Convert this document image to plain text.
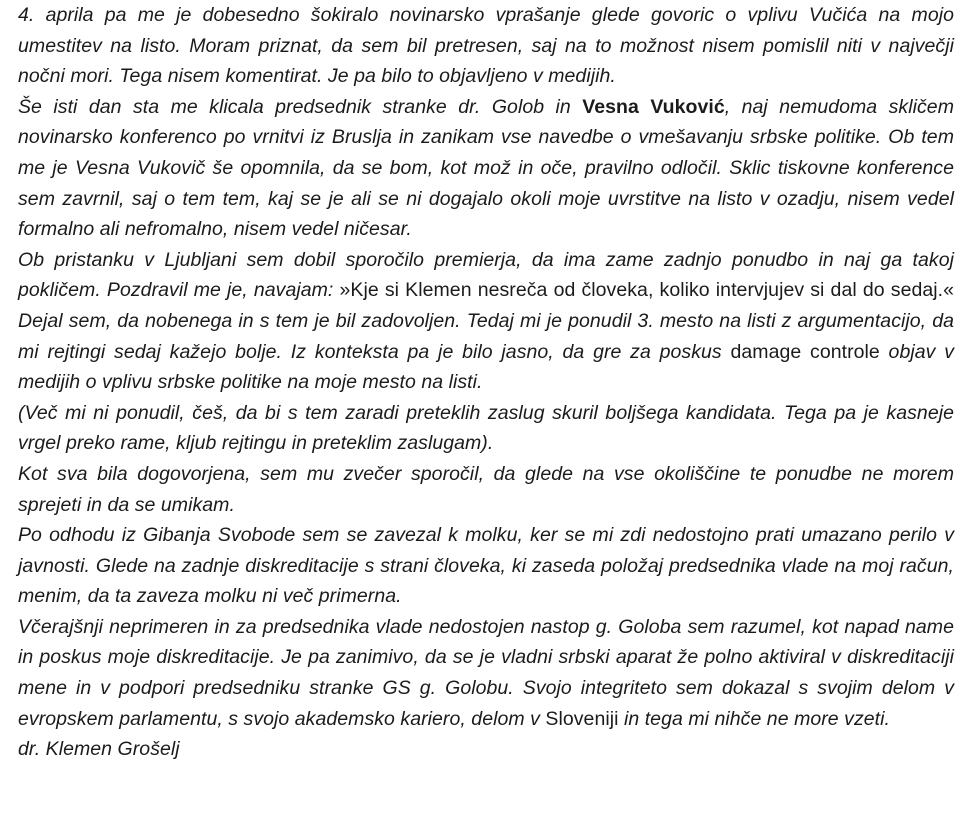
4. aprila pa me je dobesedno šokiralo novinarsko vprašanje glede govoric o vplivu Vučića na mojo umestitev na listo. Moram priznat, da sem bil pretresen, saj na to možnost nisem pomislil niti v največji nočni mori. Tega nisem komentirat. Je pa bilo to objavljeno v medijih.

Še isti dan sta me klicala predsednik stranke dr. Golob in Vesna Vuković, naj nemudoma skličem novinarsko konferenco po vrnitvi iz Bruslja in zanikam vse navedbe o vmešavanju srbske politike. Ob tem me je Vesna Vukovič še opomnila, da se bom, kot mož in oče, pravilno odločil. Sklic tiskovne konference sem zavrnil, saj o tem tem, kaj se je ali se ni dogajalo okoli moje uvrstitve na listo v ozadju, nisem vedel formalno ali nefromalno, nisem vedel ničesar.

Ob pristanku v Ljubljani sem dobil sporočilo premierja, da ima zame zadnjo ponudbo in naj ga takoj pokličem. Pozdravil me je, navajam: »Kje si Klemen nesreča od človeka, koliko intervjujev si dal do sedaj.« Dejal sem, da nobenega in s tem je bil zadovoljen. Tedaj mi je ponudil 3. mesto na listi z argumentacijo, da mi rejtingi sedaj kažejo bolje. Iz konteksta pa je bilo jasno, da gre za poskus damage controle objav v medijih o vplivu srbske politike na moje mesto na listi.

(Več mi ni ponudil, češ, da bi s tem zaradi preteklih zaslug skuril boljšega kandidata. Tega pa je kasneje vrgel preko rame, kljub rejtingu in preteklim zaslugam).

Kot sva bila dogovorjena, sem mu zvečer sporočil, da glede na vse okoliščine te ponudbe ne morem sprejeti in da se umikam.

Po odhodu iz Gibanja Svobode sem se zavezal k molku, ker se mi zdi nedostojno prati umazano perilo v javnosti. Glede na zadnje diskreditacije s strani človeka, ki zaseda položaj predsednika vlade na moj račun, menim, da ta zaveza molku ni več primerna.

Včerajšnji neprimeren in za predsednika vlade nedostojen nastop g. Goloba sem razumel, kot napad name in poskus moje diskreditacije. Je pa zanimivo, da se je vladni srbski aparat že polno aktiviral v diskreditaciji mene in v podpori predsedniku stranke GS g. Golobu. Svojo integriteto sem dokazal s svojim delom v evropskem parlamentu, s svojo akademsko kariero, delom v Sloveniji in tega mi nihče ne more vzeti.

dr. Klemen Grošelj
